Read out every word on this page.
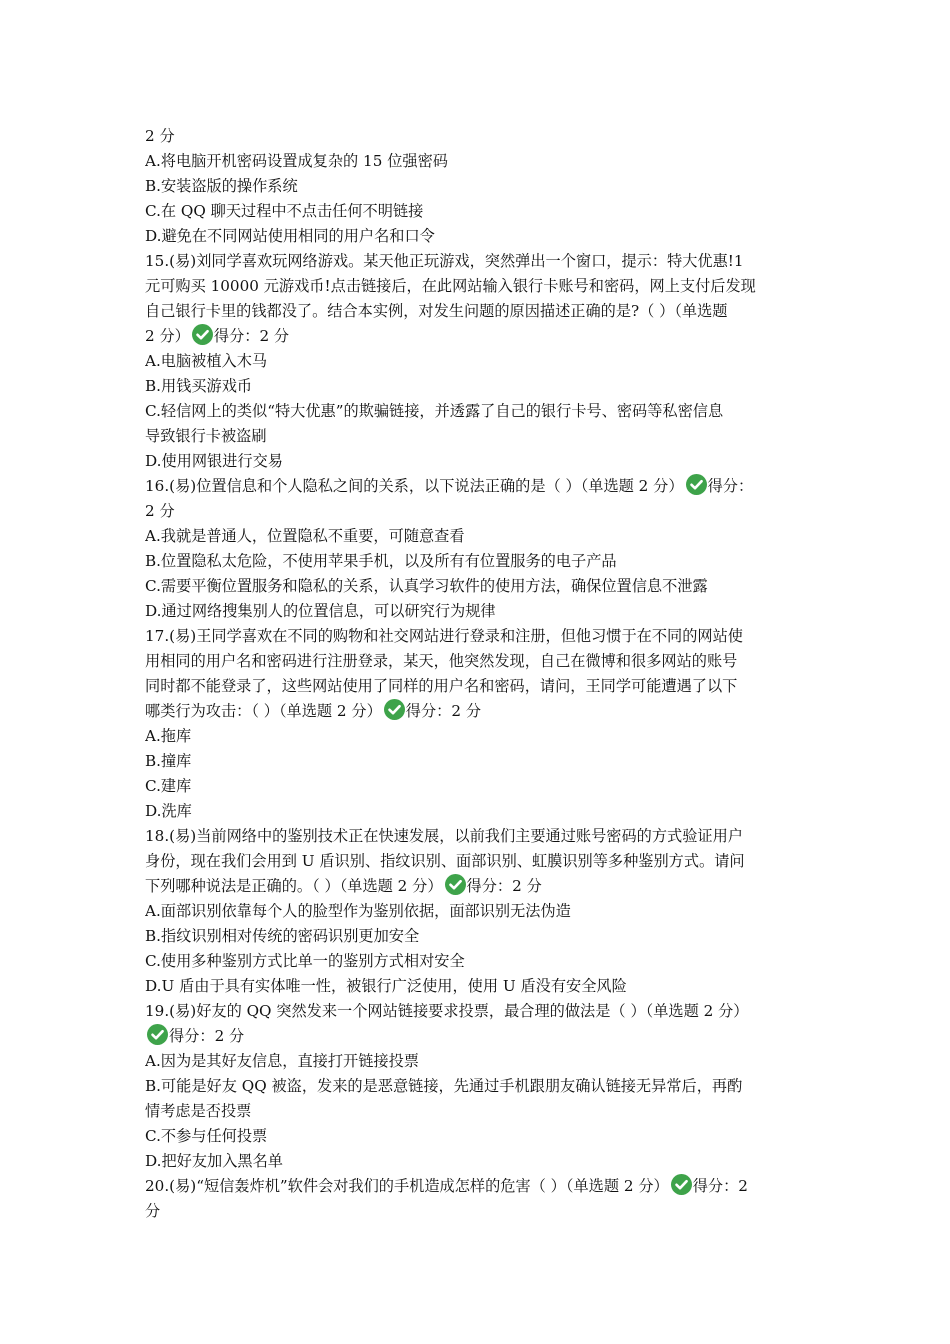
2 分
A.将电脑开机密码设置成复杂的 15 位强密码
B.安装盗版的操作系统
C.在 QQ 聊天过程中不点击任何不明链接
D.避免在不同网站使用相同的用户名和口令
15.(易)刘同学喜欢玩网络游戏。某天他正玩游戏，突然弹出一个窗口，提示：特大优惠!1
元可购买 10000 元游戏币!点击链接后，在此网站输入银行卡账号和密码，网上支付后发现
自己银行卡里的钱都没了。结合本实例，对发生问题的原因描述正确的是?（ ）（单选题
2 分） 得分：2 分
A.电脑被植入木马
B.用钱买游戏币
C.轻信网上的类似“特大优惠”的欺骗链接，并透露了自己的银行卡号、密码等私密信息
导致银行卡被盗刷
D.使用网银进行交易
16.(易)位置信息和个人隐私之间的关系，以下说法正确的是（ ）（单选题 2 分） 得分：
2 分
A.我就是普通人，位置隐私不重要，可随意查看
B.位置隐私太危险，不使用苹果手机，以及所有有位置服务的电子产品
C.需要平衡位置服务和隐私的关系，认真学习软件的使用方法，确保位置信息不泄露
D.通过网络搜集别人的位置信息，可以研究行为规律
17.(易)王同学喜欢在不同的购物和社交网站进行登录和注册，但他习惯于在不同的网站使
用相同的用户名和密码进行注册登录，某天，他突然发现，自己在微博和很多网站的账号
同时都不能登录了，这些网站使用了同样的用户名和密码，请问，王同学可能遭遇了以下
哪类行为攻击：（ ）（单选题 2 分） 得分：2 分
A.拖库
B.撞库
C.建库
D.洗库
18.(易)当前网络中的鉴别技术正在快速发展，以前我们主要通过账号密码的方式验证用户
身份，现在我们会用到 U 盾识别、指纹识别、面部识别、虹膜识别等多种鉴别方式。请问
下列哪种说法是正确的。（ ）（单选题 2 分） 得分：2 分
A.面部识别依靠每个人的脸型作为鉴别依据，面部识别无法伪造
B.指纹识别相对传统的密码识别更加安全
C.使用多种鉴别方式比单一的鉴别方式相对安全
D.U 盾由于具有实体唯一性，被银行广泛使用，使用 U 盾没有安全风险
19.(易)好友的 QQ 突然发来一个网站链接要求投票，最合理的做法是（ ）（单选题 2 分）
得分：2 分
A.因为是其好友信息，直接打开链接投票
B.可能是好友 QQ 被盗，发来的是恶意链接，先通过手机跟朋友确认链接无异常后，再酌
情考虑是否投票
C.不参与任何投票
D.把好友加入黑名单
20.(易)“短信轰炸机”软件会对我们的手机造成怎样的危害（ ）（单选题 2 分） 得分：2
分
